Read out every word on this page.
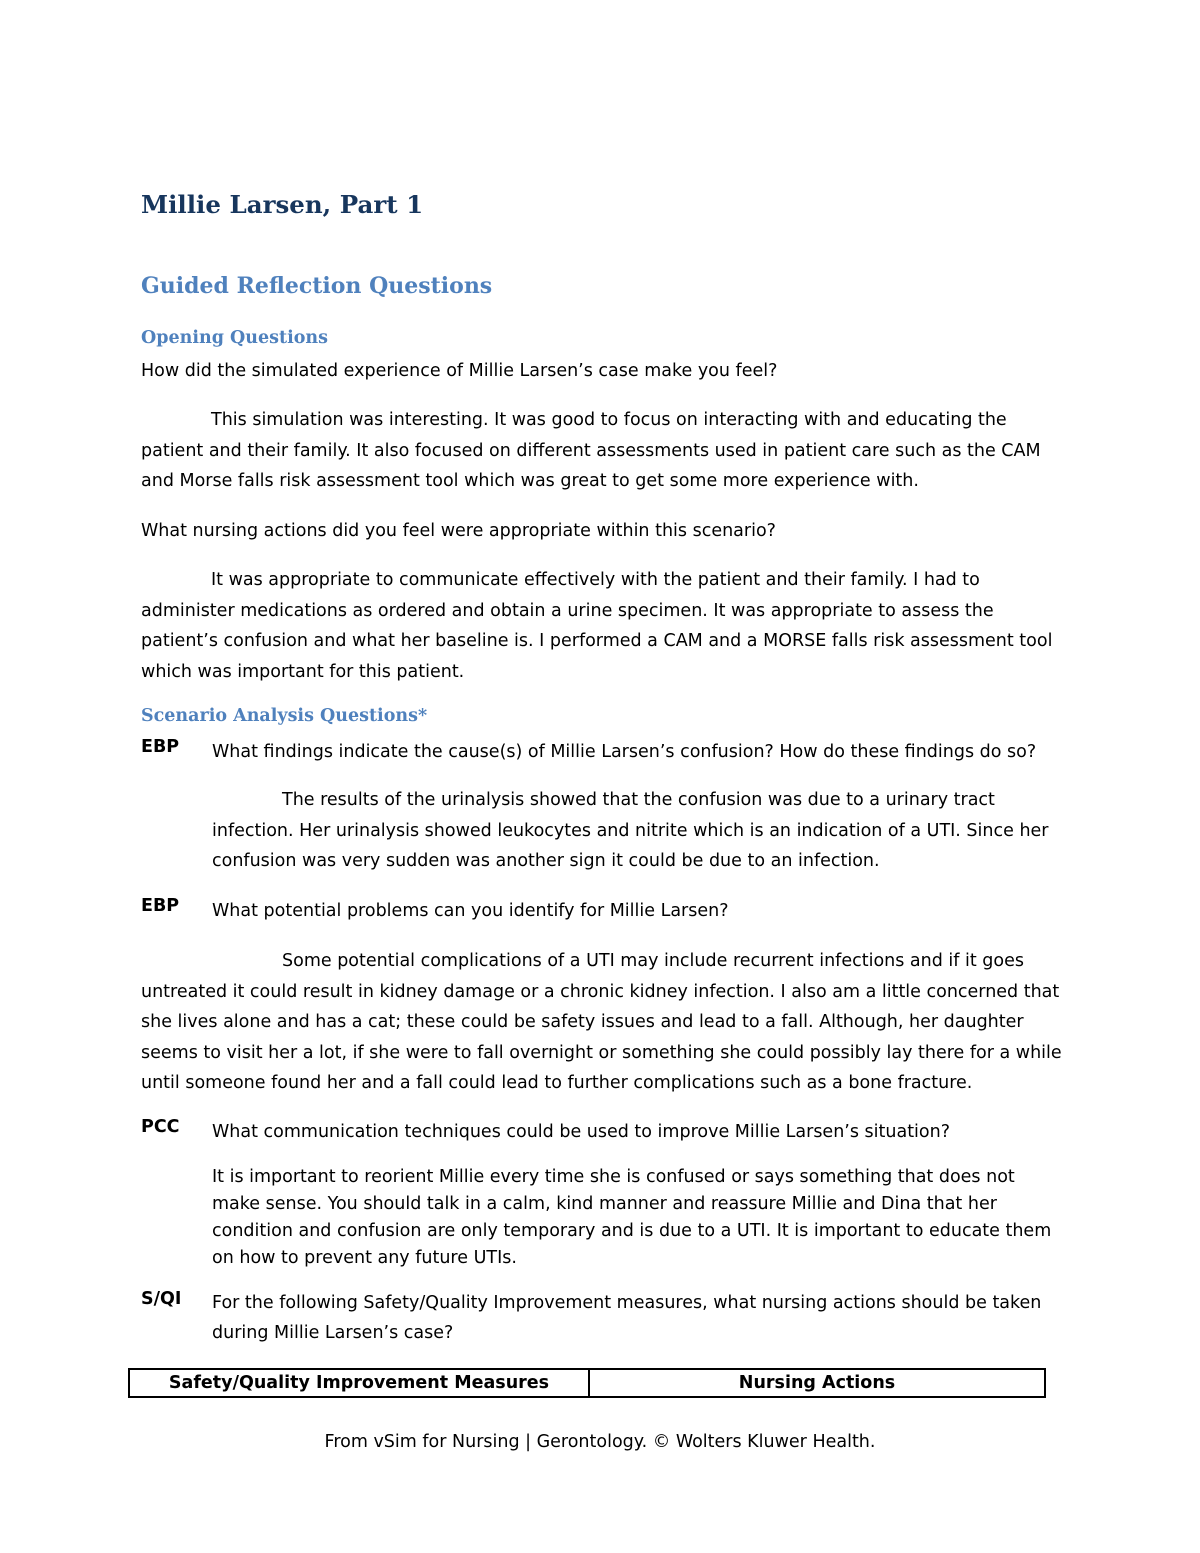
Millie Larsen, Part 1
Guided Reflection Questions
Opening Questions
How did the simulated experience of Millie Larsen’s case make you feel?
This simulation was interesting. It was good to focus on interacting with and educating the
patient and their family. It also focused on different assessments used in patient care such as the CAM
and Morse falls risk assessment tool which was great to get some more experience with.
What nursing actions did you feel were appropriate within this scenario?
It was appropriate to communicate effectively with the patient and their family. I had to
administer medications as ordered and obtain a urine specimen. It was appropriate to assess the
patient’s confusion and what her baseline is. I performed a CAM and a MORSE falls risk assessment tool
which was important for this patient.
Scenario Analysis Questions*
EBP What findings indicate the cause(s) of Millie Larsen’s confusion? How do these findings do so?
The results of the urinalysis showed that the confusion was due to a urinary tract
infection. Her urinalysis showed leukocytes and nitrite which is an indication of a UTI. Since her
confusion was very sudden was another sign it could be due to an infection.
EBP What potential problems can you identify for Millie Larsen?
Some potential complications of a UTI may include recurrent infections and if it goes
untreated it could result in kidney damage or a chronic kidney infection. I also am a little concerned that
she lives alone and has a cat; these could be safety issues and lead to a fall. Although, her daughter
seems to visit her a lot, if she were to fall overnight or something she could possibly lay there for a while
until someone found her and a fall could lead to further complications such as a bone fracture.
PCC What communication techniques could be used to improve Millie Larsen’s situation?
It is important to reorient Millie every time she is confused or says something that does not
make sense. You should talk in a calm, kind manner and reassure Millie and Dina that her
condition and confusion are only temporary and is due to a UTI. It is important to educate them
on how to prevent any future UTIs.
S/QI For the following Safety/Quality Improvement measures, what nursing actions should be taken
during Millie Larsen’s case?
Safety/Quality Improvement Measures	Nursing Actions
From vSim for Nursing | Gerontology. © Wolters Kluwer Health.
